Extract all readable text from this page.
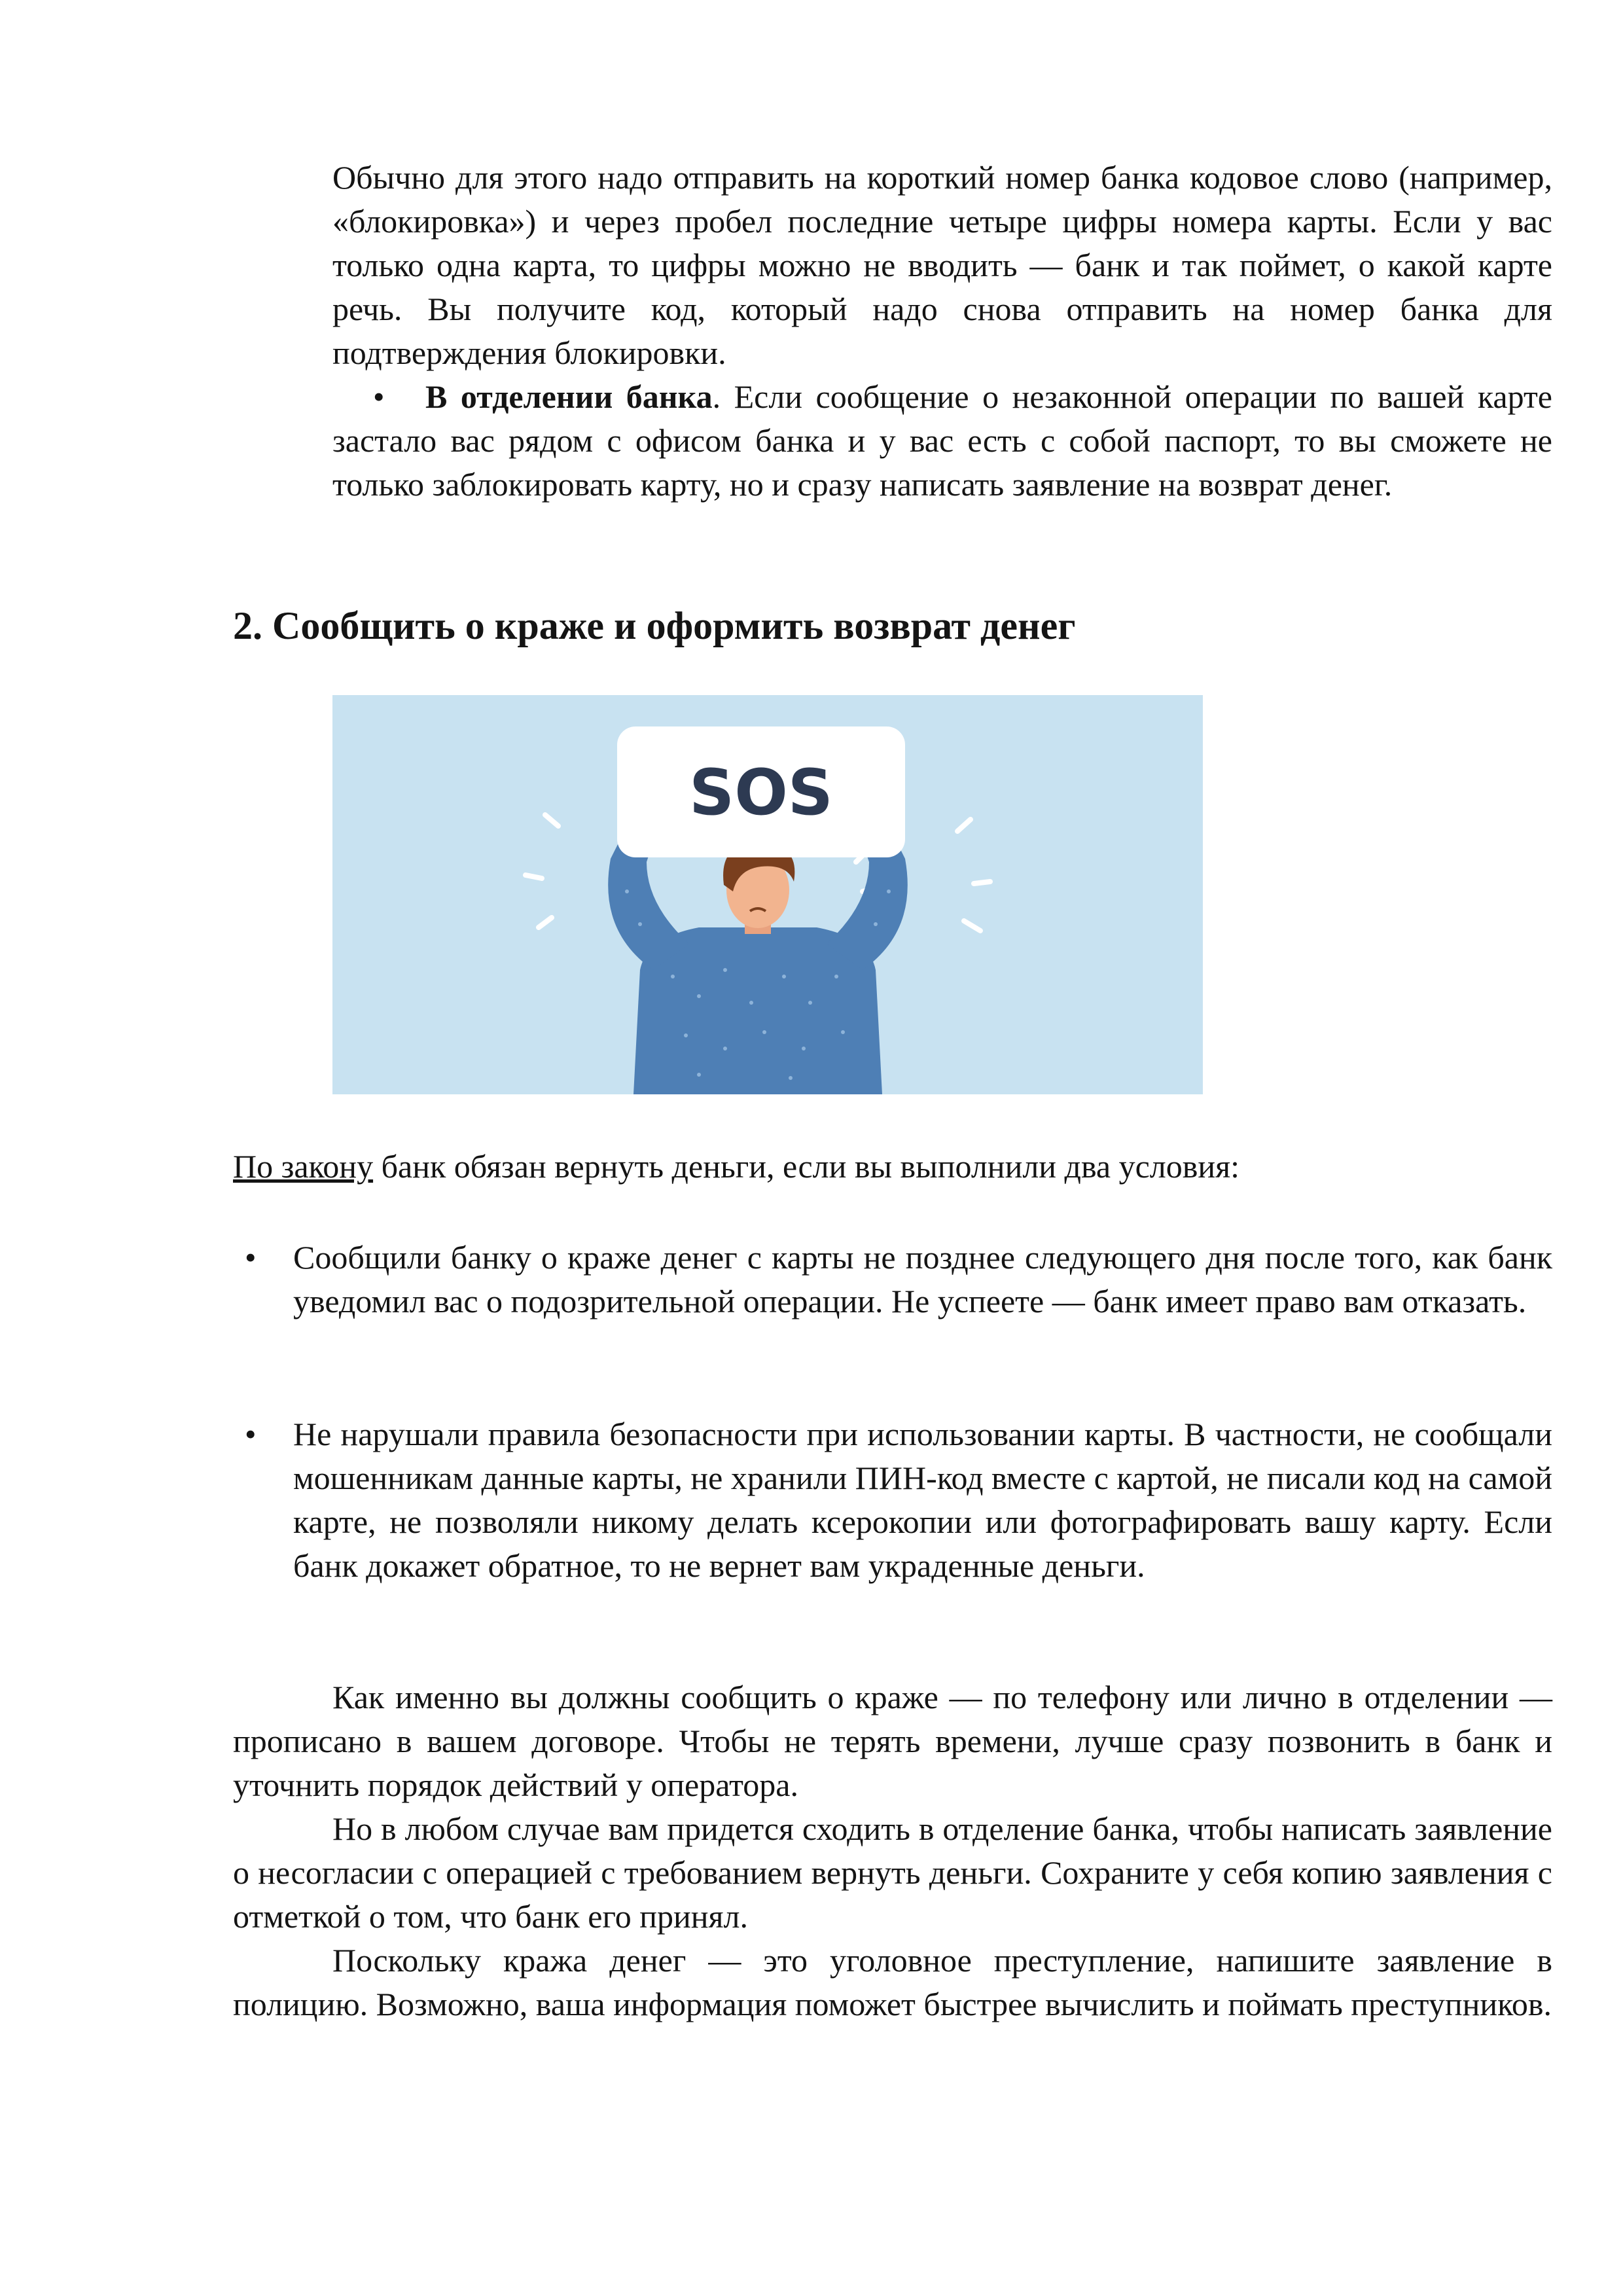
Обычно для этого надо отправить на короткий номер банка кодовое слово (например, «блокировка») и через пробел последние четыре цифры номера карты. Если у вас только одна карта, то цифры можно не вводить — банк и так поймет, о какой карте речь. Вы получите код, который надо снова отправить на номер банка для подтверждения блокировки.

•	В отделении банка. Если сообщение о незаконной операции по вашей карте застало вас рядом с офисом банка и у вас есть с собой паспорт, то вы сможете не только заблокировать карту, но и сразу написать заявление на возврат денег.

2. Сообщить о краже и оформить возврат денег
SOS

По закону банк обязан вернуть деньги, если вы выполнили два условия:

• Сообщили банку о краже денег с карты не позднее следующего дня после того, как банк уведомил вас о подозрительной операции. Не успеете — банк имеет право вам отказать.

• Не нарушали правила безопасности при использовании карты. В частности, не сообщали мошенникам данные карты, не хранили ПИН-код вместе с картой, не писали код на самой карте, не позволяли никому делать ксерокопии или фотографировать вашу карту. Если банк докажет обратное, то не вернет вам украденные деньги.

Как именно вы должны сообщить о краже — по телефону или лично в отделении — прописано в вашем договоре. Чтобы не терять времени, лучше сразу позвонить в банк и уточнить порядок действий у оператора.

Но в любом случае вам придется сходить в отделение банка, чтобы написать заявление о несогласии с операцией с требованием вернуть деньги. Сохраните у себя копию заявления с отметкой о том, что банк его принял.

Поскольку кража денег — это уголовное преступление, напишите заявление в полицию. Возможно, ваша информация поможет быстрее вычислить и поймать преступников.
